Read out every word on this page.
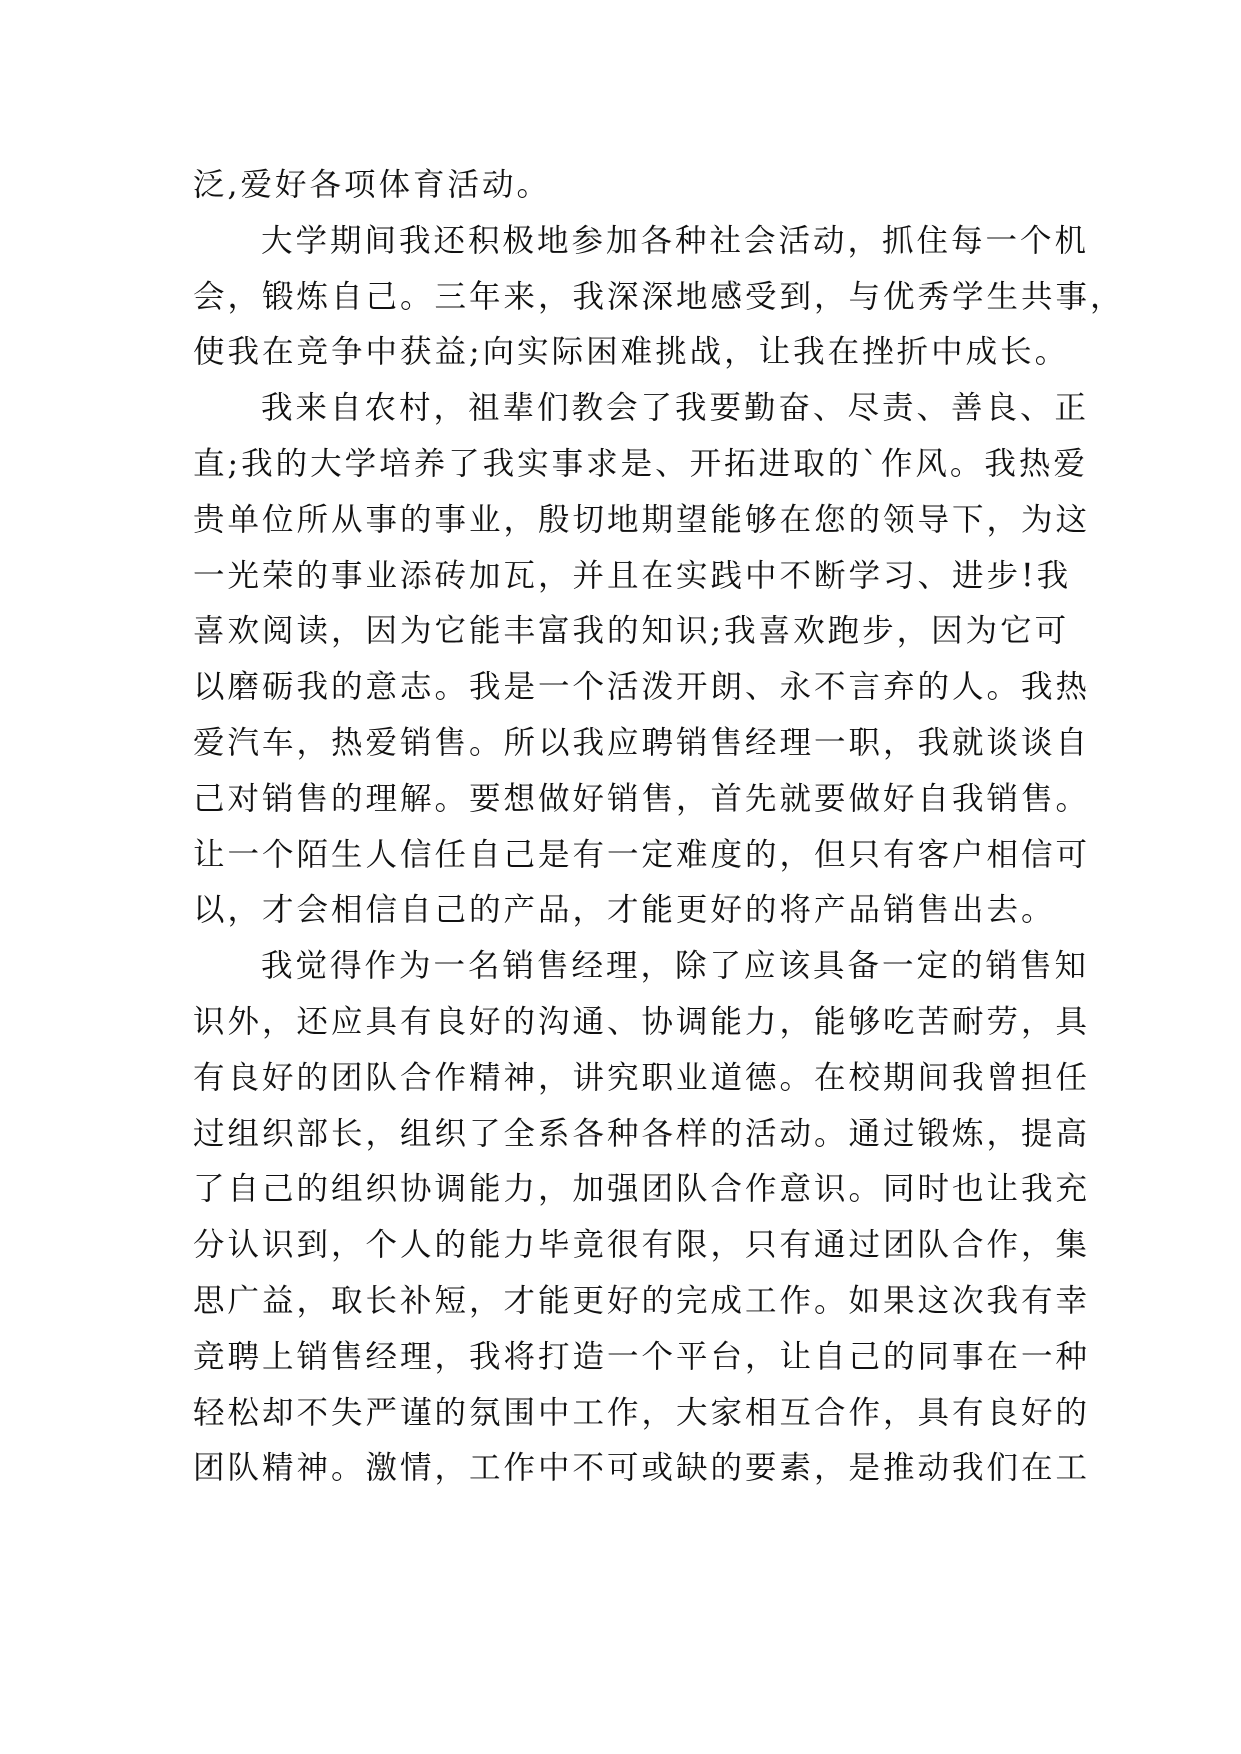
泛,爱好各项体育活动。
大学期间我还积极地参加各种社会活动，抓住每一个机
会，锻炼自己。三年来，我深深地感受到，与优秀学生共事，
使我在竞争中获益;向实际困难挑战，让我在挫折中成长。
我来自农村，祖辈们教会了我要勤奋、尽责、善良、正
直;我的大学培养了我实事求是、开拓进取的`作风。我热爱
贵单位所从事的事业，殷切地期望能够在您的领导下，为这
一光荣的事业添砖加瓦，并且在实践中不断学习、进步!我
喜欢阅读，因为它能丰富我的知识;我喜欢跑步，因为它可
以磨砺我的意志。我是一个活泼开朗、永不言弃的人。我热
爱汽车，热爱销售。所以我应聘销售经理一职，我就谈谈自
己对销售的理解。要想做好销售，首先就要做好自我销售。
让一个陌生人信任自己是有一定难度的，但只有客户相信可
以，才会相信自己的产品，才能更好的将产品销售出去。
我觉得作为一名销售经理，除了应该具备一定的销售知
识外，还应具有良好的沟通、协调能力，能够吃苦耐劳，具
有良好的团队合作精神，讲究职业道德。在校期间我曾担任
过组织部长，组织了全系各种各样的活动。通过锻炼，提高
了自己的组织协调能力，加强团队合作意识。同时也让我充
分认识到，个人的能力毕竟很有限，只有通过团队合作，集
思广益，取长补短，才能更好的完成工作。如果这次我有幸
竞聘上销售经理，我将打造一个平台，让自己的同事在一种
轻松却不失严谨的氛围中工作，大家相互合作，具有良好的
团队精神。激情，工作中不可或缺的要素，是推动我们在工
